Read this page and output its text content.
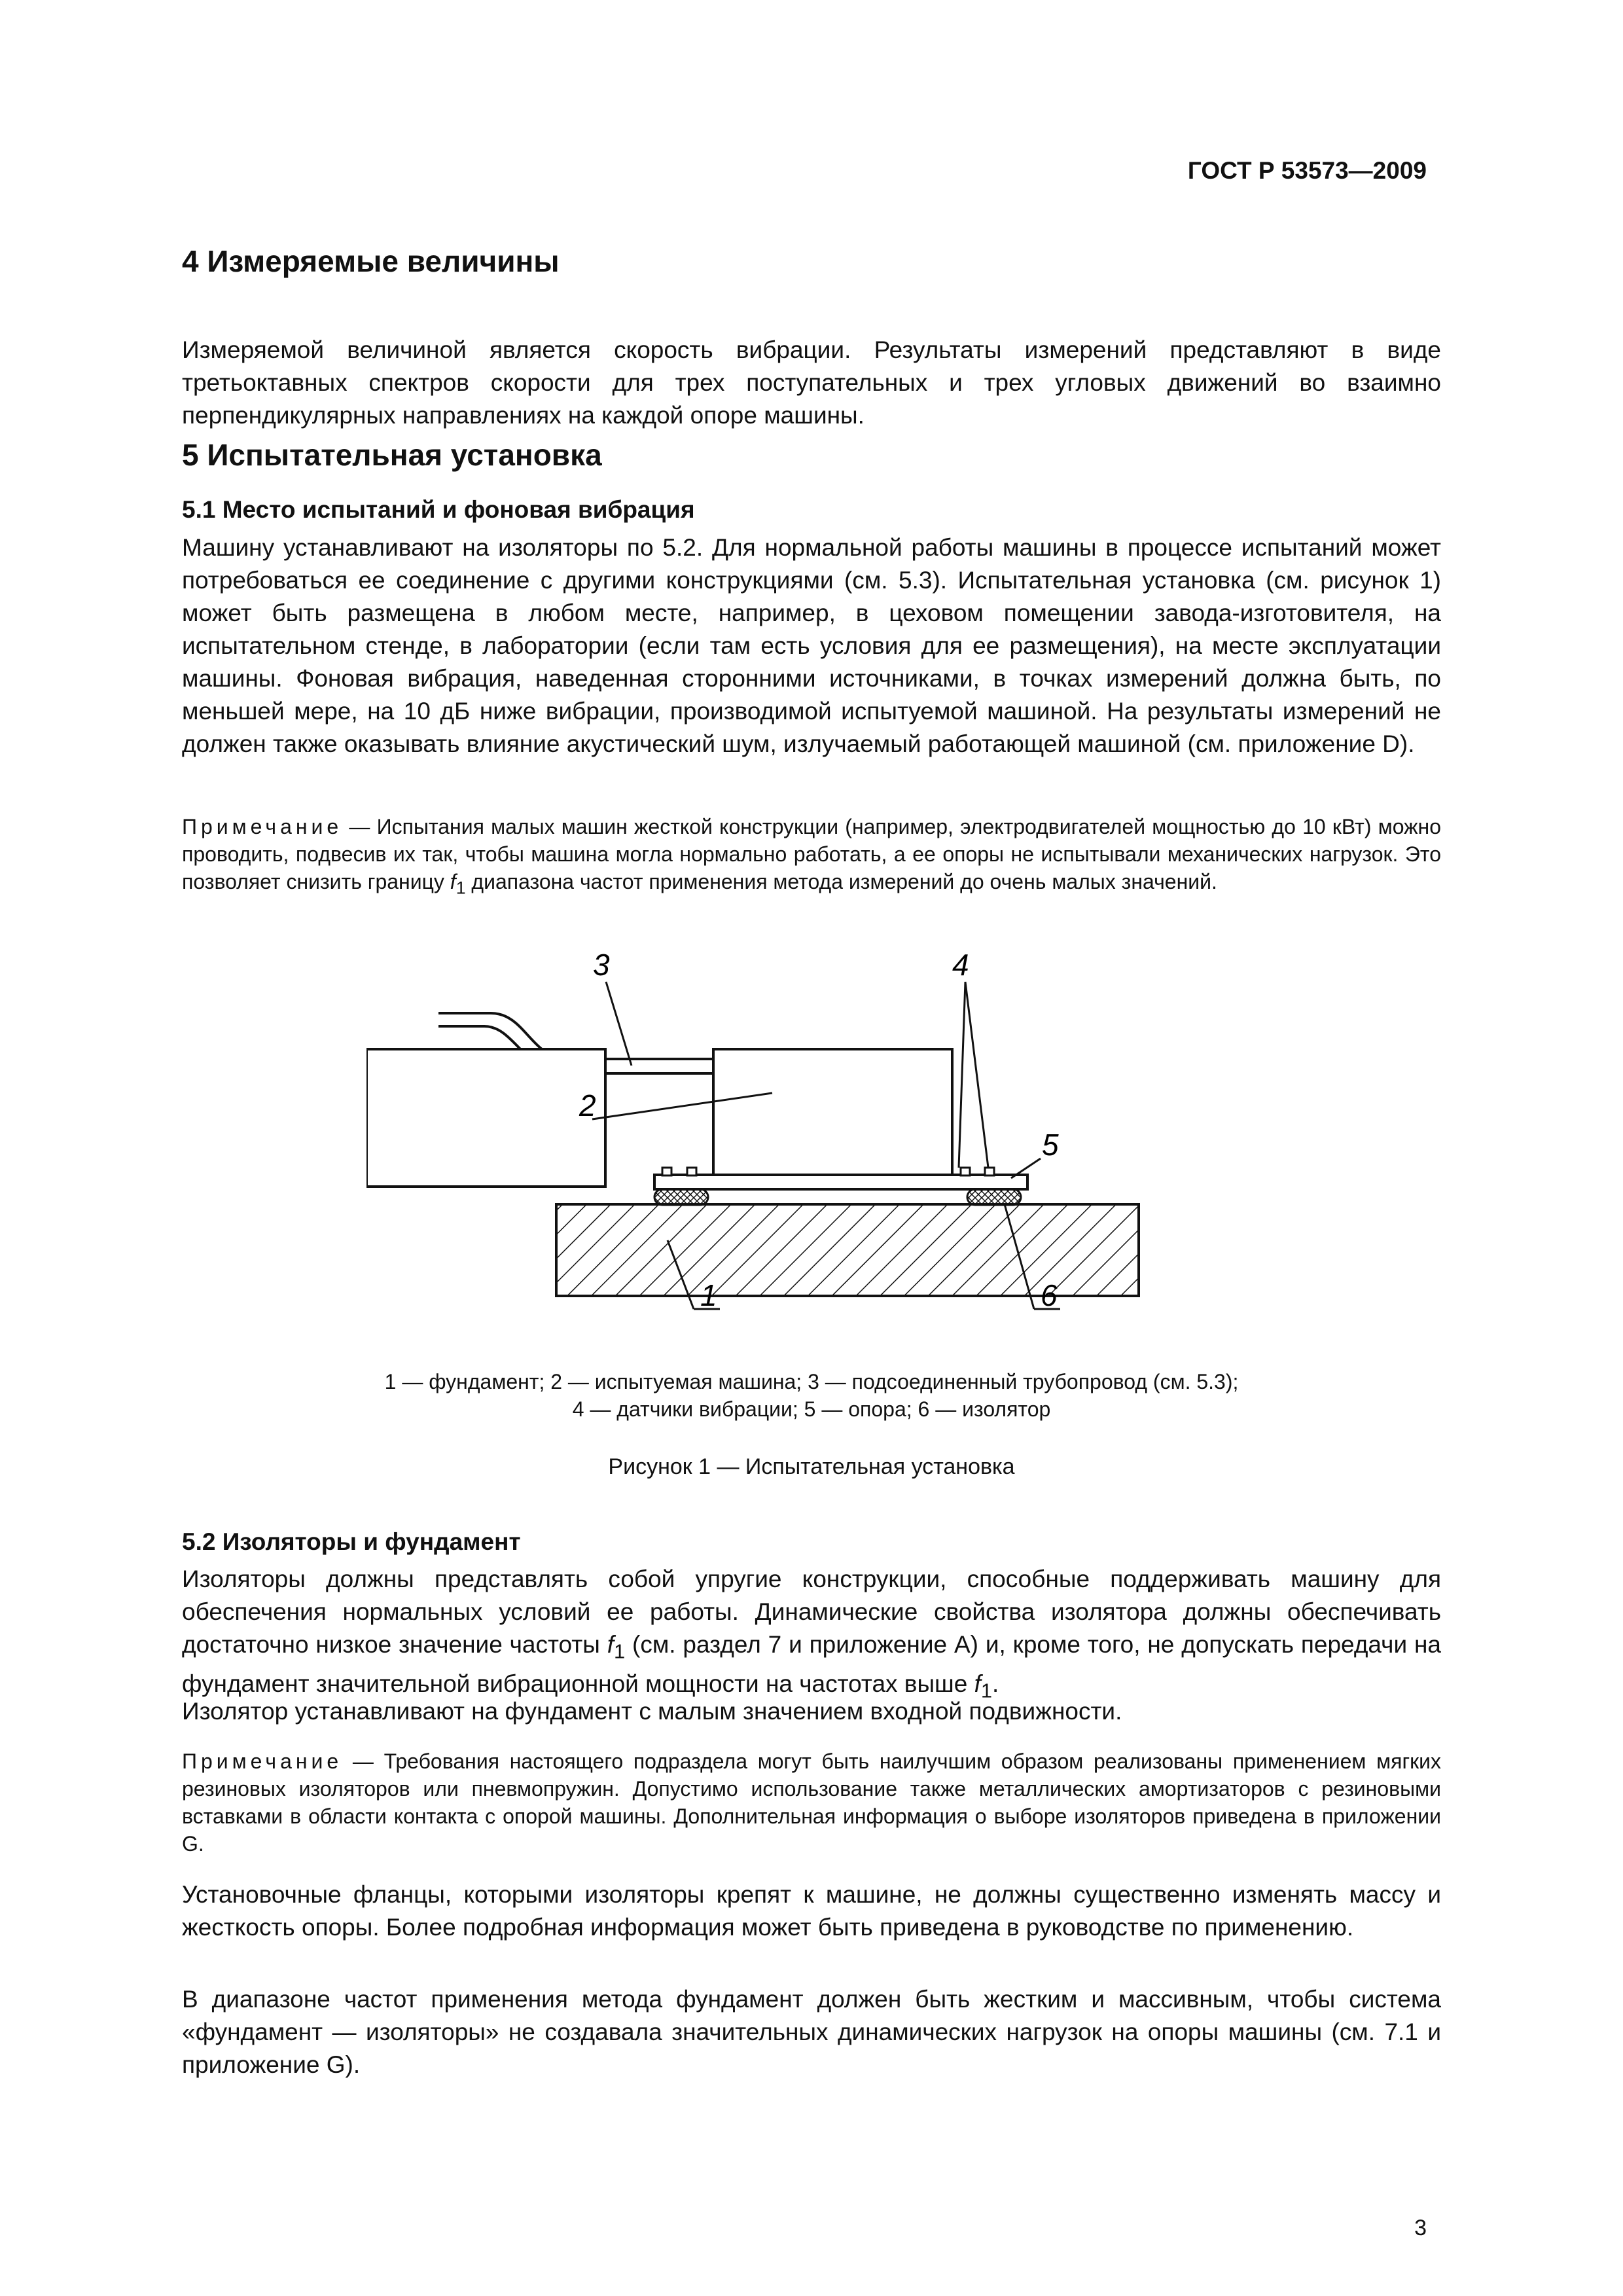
ГОСТ Р 53573—2009
4 Измеряемые величины
Измеряемой величиной является скорость вибрации. Результаты измерений представляют в виде третьоктавных спектров скорости для трех поступательных и трех угловых движений во взаимно перпендикулярных направлениях на каждой опоре машины.
5 Испытательная установка
5.1 Место испытаний и фоновая вибрация
Машину устанавливают на изоляторы по 5.2. Для нормальной работы машины в процессе испытаний может потребоваться ее соединение с другими конструкциями (см. 5.3). Испытательная установка (см. рисунок 1) может быть размещена в любом месте, например, в цеховом помещении завода-изготовителя, на испытательном стенде, в лаборатории (если там есть условия для ее размещения), на месте эксплуатации машины. Фоновая вибрация, наведенная сторонними источниками, в точках измерений должна быть, по меньшей мере, на 10 дБ ниже вибрации, производимой испытуемой машиной. На результаты измерений не должен также оказывать влияние акустический шум, излучаемый работающей машиной (см. приложение D).
Примечание — Испытания малых машин жесткой конструкции (например, электродвигателей мощностью до 10 кВт) можно проводить, подвесив их так, чтобы машина могла нормально работать, а ее опоры не испытывали механических нагрузок. Это позволяет снизить границу $f_1$ диапазона частот применения метода измерений до очень малых значений.
3	4
2
5
1	6
1 — фундамент; 2 — испытуемая машина; 3 — подсоединенный трубопровод (см. 5.3);
4 — датчики вибрации; 5 — опора; 6 — изолятор
Рисунок 1 — Испытательная установка
5.2 Изоляторы и фундамент
Изоляторы должны представлять собой упругие конструкции, способные поддерживать машину для обеспечения нормальных условий ее работы. Динамические свойства изолятора должны обеспечивать достаточно низкое значение частоты $f_1$ (см. раздел 7 и приложение А) и, кроме того, не допускать передачи на фундамент значительной вибрационной мощности на частотах выше $f_1$.
Изолятор устанавливают на фундамент с малым значением входной подвижности.
Примечание — Требования настоящего подраздела могут быть наилучшим образом реализованы применением мягких резиновых изоляторов или пневмопружин. Допустимо использование также металлических амортизаторов с резиновыми вставками в области контакта с опорой машины. Дополнительная информация о выборе изоляторов приведена в приложении G.
Установочные фланцы, которыми изоляторы крепят к машине, не должны существенно изменять массу и жесткость опоры. Более подробная информация может быть приведена в руководстве по применению.
В диапазоне частот применения метода фундамент должен быть жестким и массивным, чтобы система «фундамент — изоляторы» не создавала значительных динамических нагрузок на опоры машины (см. 7.1 и приложение G).
3
